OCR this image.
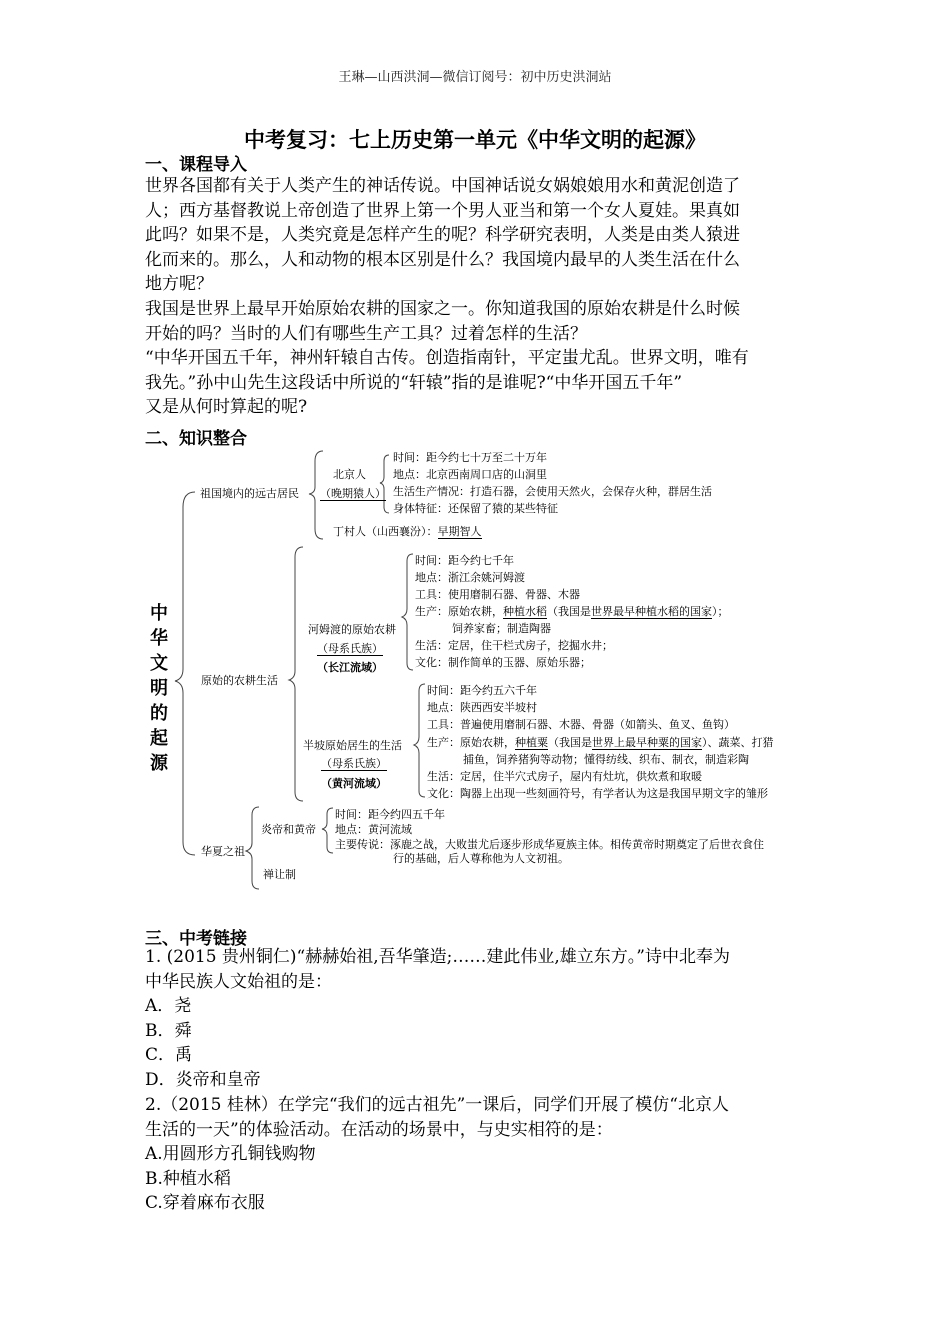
王琳—山西洪洞—微信订阅号：初中历史洪洞站
中考复习：七上历史第一单元《中华文明的起源》
一、课程导入

世界各国都有关于人类产生的神话传说。中国神话说女娲娘娘用水和黄泥创造了

人；西方基督教说上帝创造了世界上第一个男人亚当和第一个女人夏娃。果真如

此吗？如果不是，人类究竟是怎样产生的呢？科学研究表明，人类是由类人猿进

化而来的。那么，人和动物的根本区别是什么？我国境内最早的人类生活在什么

地方呢？

我国是世界上最早开始原始农耕的国家之一。你知道我国的原始农耕是什么时候

开始的吗？当时的人们有哪些生产工具？过着怎样的生活？

“中华开国五千年，神州轩辕自古传。创造指南针，平定蚩尤乱。世界文明，唯有

我先。”孙中山先生这段话中所说的“轩辕”指的是谁呢?“中华开国五千年”

又是从何时算起的呢?

二、知识整合
中
华
文
明
的
起
源
祖国境内的远古居民
北京人
（晚期猿人）
时间：距今约七十万至二十万年
地点：北京西南周口店的山洞里
生活生产情况：打造石器，会使用天然火，会保存火种，群居生活
身体特征：还保留了猿的某些特征
丁村人（山西襄汾）：早期智人
原始的农耕生活
河姆渡的原始农耕
（母系氏族）
（长江流域）
时间：距今约七千年
地点：浙江余姚河姆渡
工具：使用磨制石器、骨器、木器
生产：原始农耕，种植水稻（我国是世界最早种植水稻的国家）；
饲养家畜；制造陶器
生活：定居，住干栏式房子，挖掘水井；
文化：制作简单的玉器、原始乐器；
半坡原始居生的生活
（母系氏族）
（黄河流域）
时间：距今约五六千年
地点：陕西西安半坡村
工具：普遍使用磨制石器、木器、骨器（如箭头、鱼叉、鱼钩）
生产：原始农耕，种植粟（我国是世界上最早种粟的国家）、蔬菜、打猎
捕鱼，饲养猪狗等动物；懂得纺线、织布、制衣，制造彩陶
生活：定居，住半穴式房子，屋内有灶坑，供炊煮和取暖
文化：陶器上出现一些刻画符号，有学者认为这是我国早期文字的雏形
华夏之祖
炎帝和黄帝
时间：距今约四五千年
地点：黄河流域
主要传说：涿鹿之战，大败蚩尤后逐步形成华夏族主体。相传黄帝时期奠定了后世衣食住
行的基础，后人尊称他为人文初祖。
禅让制
三、中考链接
1. (2015 贵州铜仁)“赫赫始祖,吾华肇造;……建此伟业,雄立东方。”诗中北奉为
中华民族人文始祖的是：
A．尧
B．舜
C．禹
D．炎帝和皇帝
2.（2015 桂林）在学完“我们的远古祖先”一课后，同学们开展了模仿“北京人
生活的一天”的体验活动。在活动的场景中，与史实相符的是：
A.用圆形方孔铜钱购物
B.种植水稻
C.穿着麻布衣服
